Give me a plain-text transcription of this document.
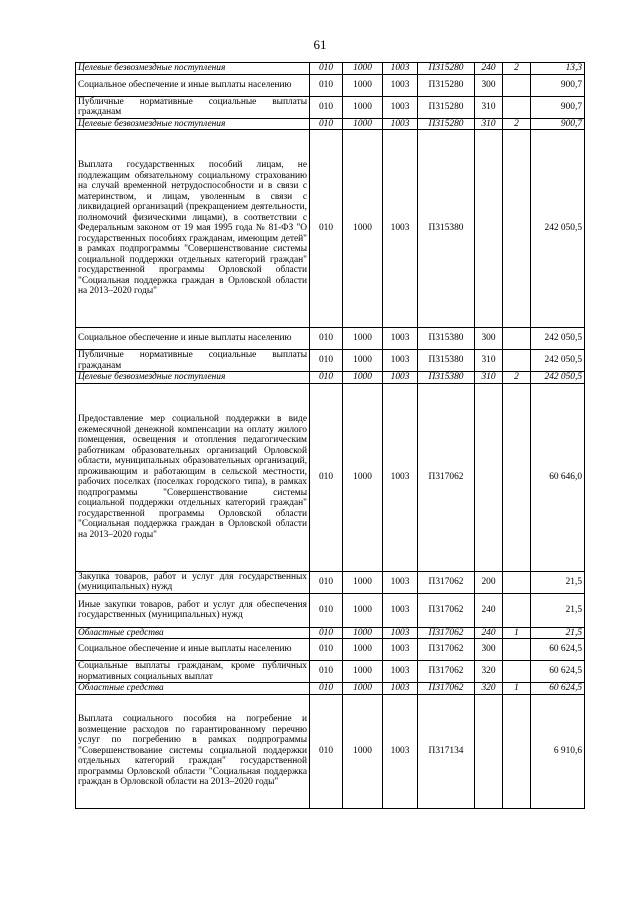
61
Целевые безвозмездные поступления	010	1000	1003	П315280	240	2	13,3
Социальное обеспечение и иные выплаты населению	010	1000	1003	П315280	300		900,7
Публичные нормативные социальные выплаты гражданам	010	1000	1003	П315280	310		900,7
Целевые безвозмездные поступления	010	1000	1003	П315280	310	2	900,7
Выплата государственных пособий лицам, не подлежащим обязательному социальному страхованию на случай временной нетрудоспособности и в связи с материнством, и лицам, уволенным в связи с ликвидацией организаций (прекращением деятельности, полномочий физическими лицами), в соответствии с Федеральным законом от 19 мая 1995 года № 81-ФЗ "О государственных пособиях гражданам, имеющим детей" в рамках подпрограммы "Совершенствование системы социальной поддержки отдельных категорий граждан" государственной программы Орловской области "Социальная поддержка граждан в Орловской области на 2013–2020 годы"	010	1000	1003	П315380			242 050,5
Социальное обеспечение и иные выплаты населению	010	1000	1003	П315380	300		242 050,5
Публичные нормативные социальные выплаты гражданам	010	1000	1003	П315380	310		242 050,5
Целевые безвозмездные поступления	010	1000	1003	П315380	310	2	242 050,5
Предоставление мер социальной поддержки в виде ежемесячной денежной компенсации на оплату жилого помещения, освещения и отопления педагогическим работникам образовательных организаций Орловской области, муниципальных образовательных организаций, проживающим и работающим в сельской местности, рабочих поселках (поселках городского типа), в рамках подпрограммы "Совершенствование системы социальной поддержки отдельных категорий граждан" государственной программы Орловской области "Социальная поддержка граждан в Орловской области на 2013–2020 годы"	010	1000	1003	П317062			60 646,0
Закупка товаров, работ и услуг для государственных (муниципальных) нужд	010	1000	1003	П317062	200		21,5
Иные закупки товаров, работ и услуг для обеспечения государственных (муниципальных) нужд	010	1000	1003	П317062	240		21,5
Областные средства	010	1000	1003	П317062	240	1	21,5
Социальное обеспечение и иные выплаты населению	010	1000	1003	П317062	300		60 624,5
Социальные выплаты гражданам, кроме публичных нормативных социальных выплат	010	1000	1003	П317062	320		60 624,5
Областные средства	010	1000	1003	П317062	320	1	60 624,5
Выплата социального пособия на погребение и возмещение расходов по гарантированному перечню услуг по погребению в рамках подпрограммы "Совершенствование системы социальной поддержки отдельных категорий граждан" государственной программы Орловской области "Социальная поддержка граждан в Орловской области на 2013–2020 годы"	010	1000	1003	П317134			6 910,6
